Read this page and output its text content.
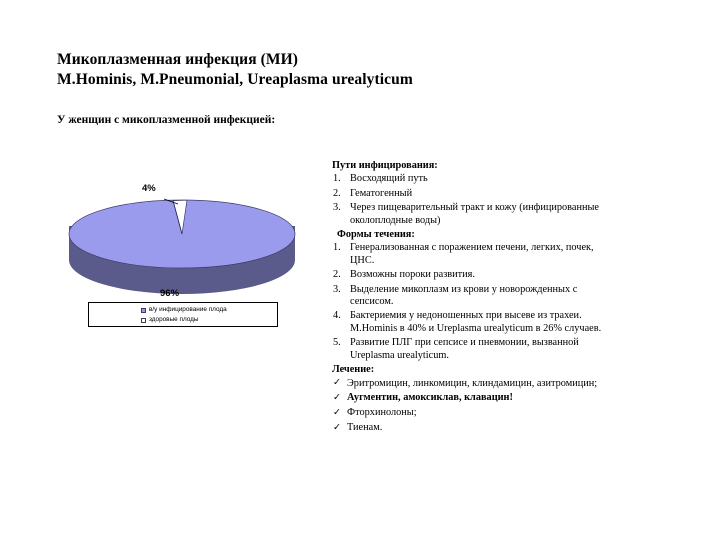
Микоплазменная инфекция (МИ)
M.Hominis, M.Pneumonial, Ureaplasma urealyticum
У женщин с микоплазменной инфекцией:
4%
96%
в/у инфицирование плода
здоровые плоды
Пути инфицирования:
1. Восходящий путь
2. Гематогенный
3. Через пищеварительный тракт и кожу (инфицированные
околоплодные воды)
Формы течения:
1. Генерализованная с поражением печени, легких, почек,
ЦНС.
2. Возможны пороки развития.
3. Выделение микоплазм из крови у новорожденных с
сепсисом.
4. Бактериемия у недоношенных при высеве из трахеи.
M.Hominis в 40% и Ureplasma urealyticum в 26% случаев.
5. Развитие ПЛГ при сепсисе и пневмонии, вызванной
Ureplasma urealyticum.
Лечение:
✓ Эритромицин, линкомицин, клиндамицин, азитромицин;
✓ Аугментин, амоксиклав, клавацин!
✓ Фторхинолоны;
✓ Тиенам.
